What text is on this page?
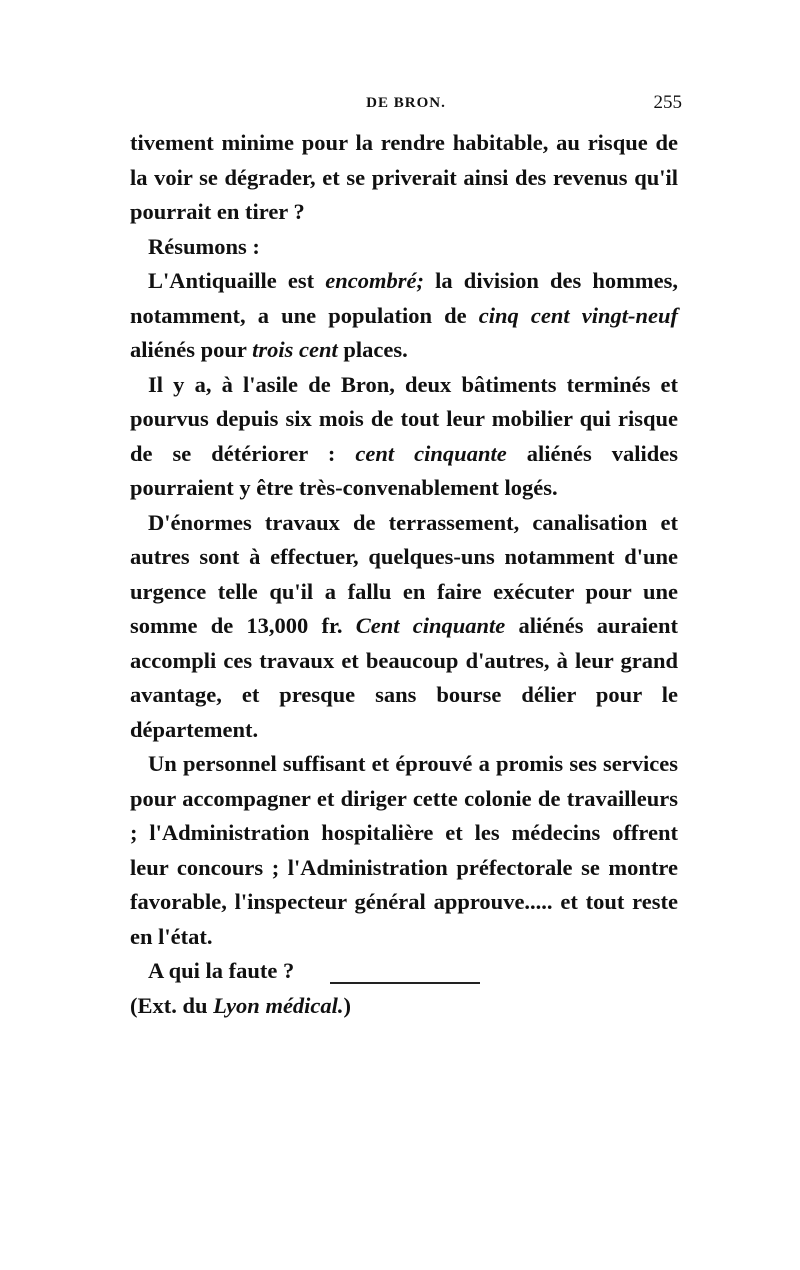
DE BRON.	255

tivement minime pour la rendre habitable, au risque de la voir se dégrader, et se priverait ainsi des revenus qu'il pourrait en tirer ?

Résumons :

L'Antiquaille est encombré; la division des hommes, notamment, a une population de cinq cent vingt-neuf aliénés pour trois cent places.

Il y a, à l'asile de Bron, deux bâtiments terminés et pourvus depuis six mois de tout leur mobilier qui risque de se détériorer : cent cinquante aliénés valides pourraient y être très-convenablement logés.

D'énormes travaux de terrassement, canalisation et autres sont à effectuer, quelques-uns notamment d'une urgence telle qu'il a fallu en faire exécuter pour une somme de 13,000 fr. Cent cinquante aliénés auraient accompli ces travaux et beaucoup d'autres, à leur grand avantage, et presque sans bourse délier pour le département.

Un personnel suffisant et éprouvé a promis ses services pour accompagner et diriger cette colonie de travailleurs ; l'Administration hospitalière et les médecins offrent leur concours ; l'Administration préfectorale se montre favorable, l'inspecteur général approuve..... et tout reste en l'état.

A qui la faute ?

(Ext. du Lyon médical.)
